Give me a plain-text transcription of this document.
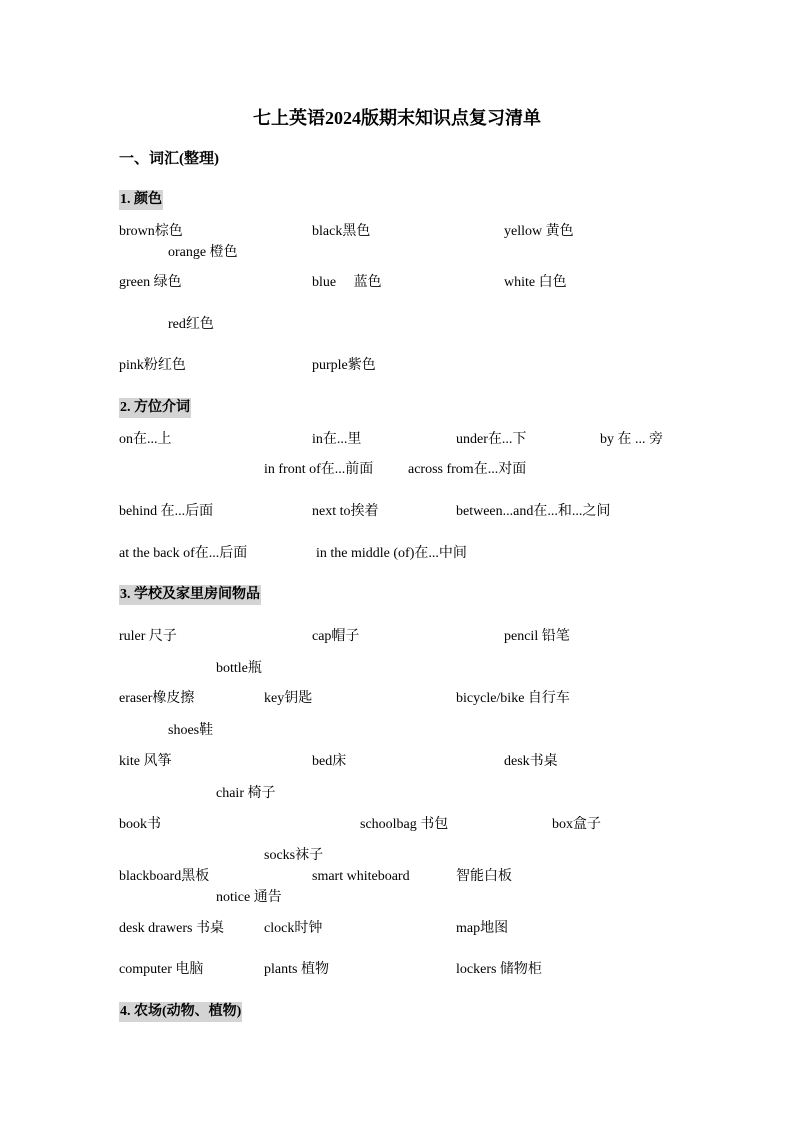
七上英语2024版期末知识点复习清单
一、词汇(整理)
1. 颜色
brown棕色	black黑色	yellow 黄色
orange 橙色
green 绿色	blue　 蓝色	white 白色
red红色
pink粉红色	purple紫色
2. 方位介词
on在...上	in在...里	under在...下	by 在 ... 旁
in front of在...前面 across from在...对面
behind 在...后面	next to挨着	between...and在...和...之间
at the back of在...后面	in the middle (of)在...中间
3. 学校及家里房间物品
ruler 尺子	cap帽子	pencil 铅笔
bottle瓶
eraser橡皮擦	key钥匙	bicycle/bike 自行车
shoes鞋
kite 风筝	bed床	desk书桌
chair 椅子
book书	schoolbag 书包	box盒子
socks袜子
blackboard黑板	smart whiteboard	智能白板
notice 通告
desk drawers 书桌	clock时钟	map地图
computer 电脑	plants 植物	lockers 储物柜
4. 农场(动物、植物)
